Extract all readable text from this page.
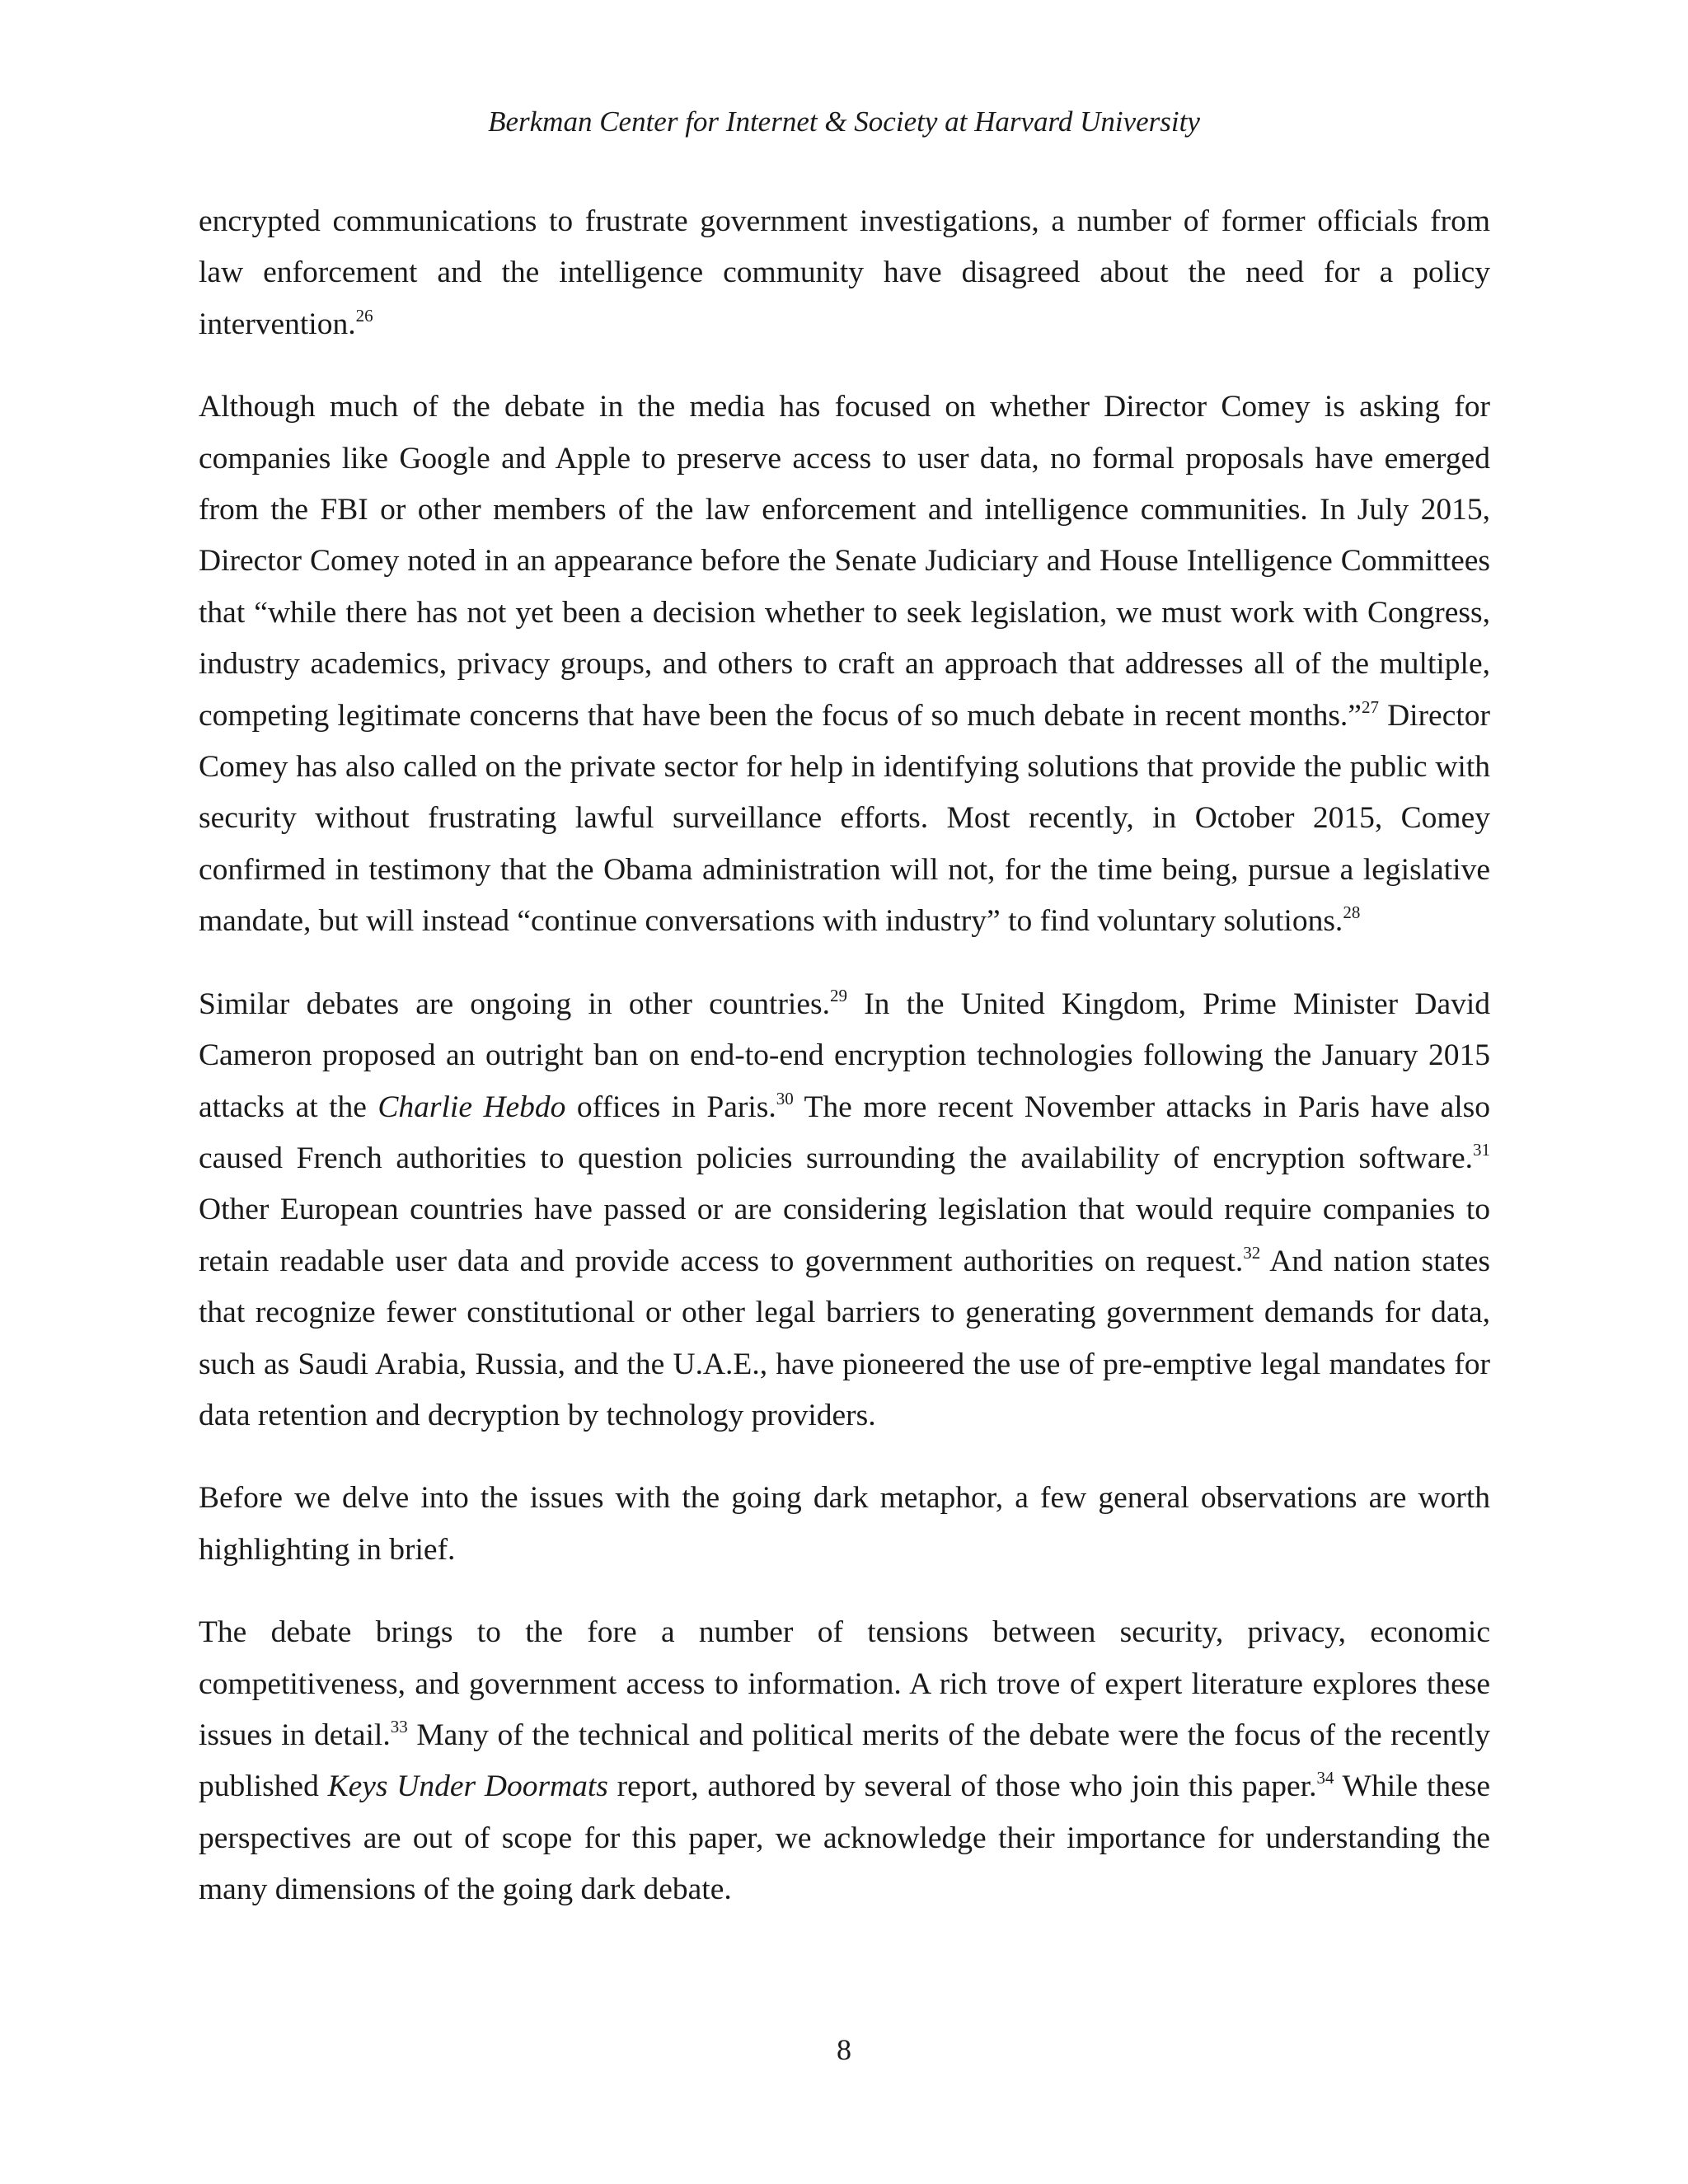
Berkman Center for Internet & Society at Harvard University

encrypted communications to frustrate government investigations, a number of former officials from law enforcement and the intelligence community have disagreed about the need for a policy intervention.$^{26}$

Although much of the debate in the media has focused on whether Director Comey is asking for companies like Google and Apple to preserve access to user data, no formal proposals have emerged from the FBI or other members of the law enforcement and intelligence communities. In July 2015, Director Comey noted in an appearance before the Senate Judiciary and House Intelligence Committees that “while there has not yet been a decision whether to seek legislation, we must work with Congress, industry academics, privacy groups, and others to craft an approach that addresses all of the multiple, competing legitimate concerns that have been the focus of so much debate in recent months.”$^{27}$ Director Comey has also called on the private sector for help in identifying solutions that provide the public with security without frustrating lawful surveillance efforts. Most recently, in October 2015, Comey confirmed in testimony that the Obama administration will not, for the time being, pursue a legislative mandate, but will instead “continue conversations with industry” to find voluntary solutions.$^{28}$

Similar debates are ongoing in other countries.$^{29}$ In the United Kingdom, Prime Minister David Cameron proposed an outright ban on end-to-end encryption technologies following the January 2015 attacks at the Charlie Hebdo offices in Paris.$^{30}$ The more recent November attacks in Paris have also caused French authorities to question policies surrounding the availability of encryption software.$^{31}$ Other European countries have passed or are considering legislation that would require companies to retain readable user data and provide access to government authorities on request.$^{32}$ And nation states that recognize fewer constitutional or other legal barriers to generating government demands for data, such as Saudi Arabia, Russia, and the U.A.E., have pioneered the use of pre-emptive legal mandates for data retention and decryption by technology providers.

Before we delve into the issues with the going dark metaphor, a few general observations are worth highlighting in brief.

The debate brings to the fore a number of tensions between security, privacy, economic competitiveness, and government access to information. A rich trove of expert literature explores these issues in detail.$^{33}$ Many of the technical and political merits of the debate were the focus of the recently published Keys Under Doormats report, authored by several of those who join this paper.$^{34}$ While these perspectives are out of scope for this paper, we acknowledge their importance for understanding the many dimensions of the going dark debate.

8
